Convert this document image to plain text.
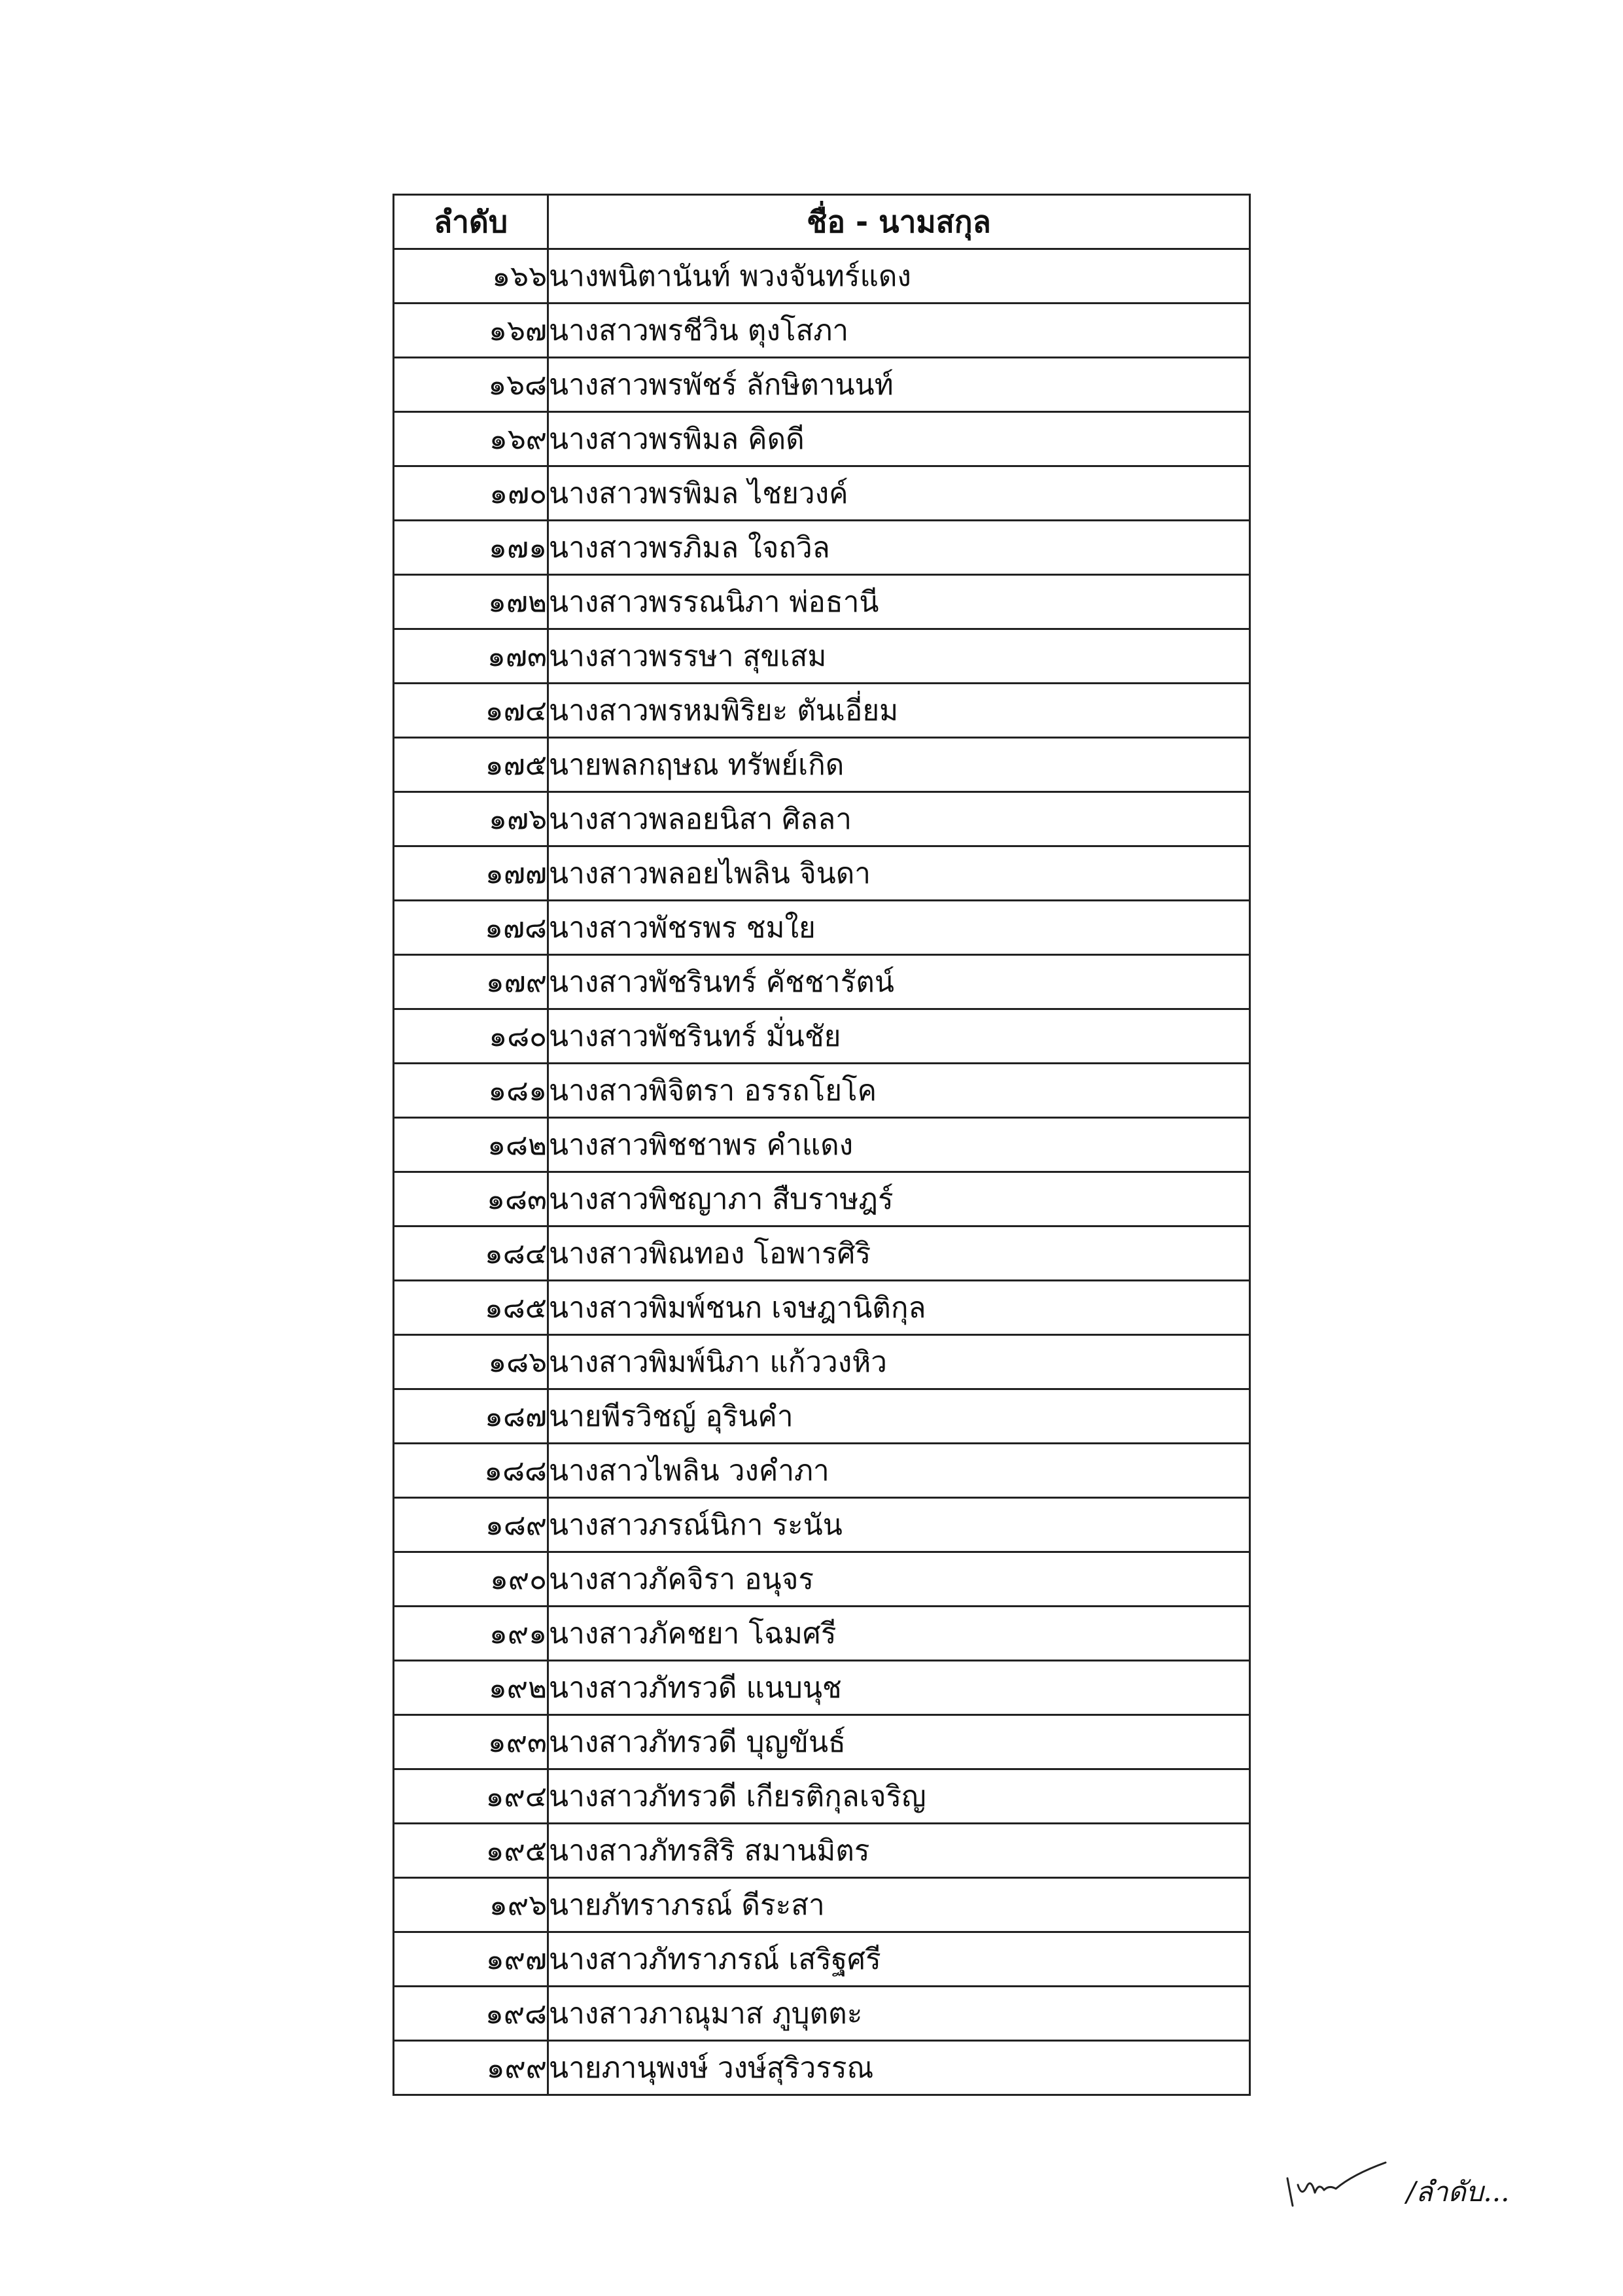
ลำดับ	ชื่อ - นามสกุล
๑๖๖	นางพนิตานันท์ พวงจันทร์แดง
๑๖๗	นางสาวพรชีวิน ตุงโสภา
๑๖๘	นางสาวพรพัชร์ ลักษิตานนท์
๑๖๙	นางสาวพรพิมล คิดดี
๑๗๐	นางสาวพรพิมล ไชยวงค์
๑๗๑	นางสาวพรภิมล ใจถวิล
๑๗๒	นางสาวพรรณนิภา พ่อธานี
๑๗๓	นางสาวพรรษา สุขเสม
๑๗๔	นางสาวพรหมพิริยะ ตันเอี่ยม
๑๗๕	นายพลกฤษณ ทรัพย์เกิด
๑๗๖	นางสาวพลอยนิสา ศิลลา
๑๗๗	นางสาวพลอยไพลิน จินดา
๑๗๘	นางสาวพัชรพร ชมใย
๑๗๙	นางสาวพัชรินทร์ คัชชารัตน์
๑๘๐	นางสาวพัชรินทร์ มั่นชัย
๑๘๑	นางสาวพิจิตรา อรรถโยโค
๑๘๒	นางสาวพิชชาพร คำแดง
๑๘๓	นางสาวพิชญาภา สืบราษฎร์
๑๘๔	นางสาวพิณทอง โอพารศิริ
๑๘๕	นางสาวพิมพ์ชนก เจษฎานิติกุล
๑๘๖	นางสาวพิมพ์นิภา แก้ววงหิว
๑๘๗	นายพีรวิชญ์ อุรินคำ
๑๘๘	นางสาวไพลิน วงคำภา
๑๘๙	นางสาวภรณ์นิกา ระนัน
๑๙๐	นางสาวภัคจิรา อนุจร
๑๙๑	นางสาวภัคชยา โฉมศรี
๑๙๒	นางสาวภัทรวดี แนบนุช
๑๙๓	นางสาวภัทรวดี บุญขันธ์
๑๙๔	นางสาวภัทรวดี เกียรติกุลเจริญ
๑๙๕	นางสาวภัทรสิริ สมานมิตร
๑๙๖	นายภัทราภรณ์ ดีระสา
๑๙๗	นางสาวภัทราภรณ์ เสริฐศรี
๑๙๘	นางสาวภาณุมาส ภูบุตตะ
๑๙๙	นายภานุพงษ์ วงษ์สุริวรรณ
/ลำดับ...
